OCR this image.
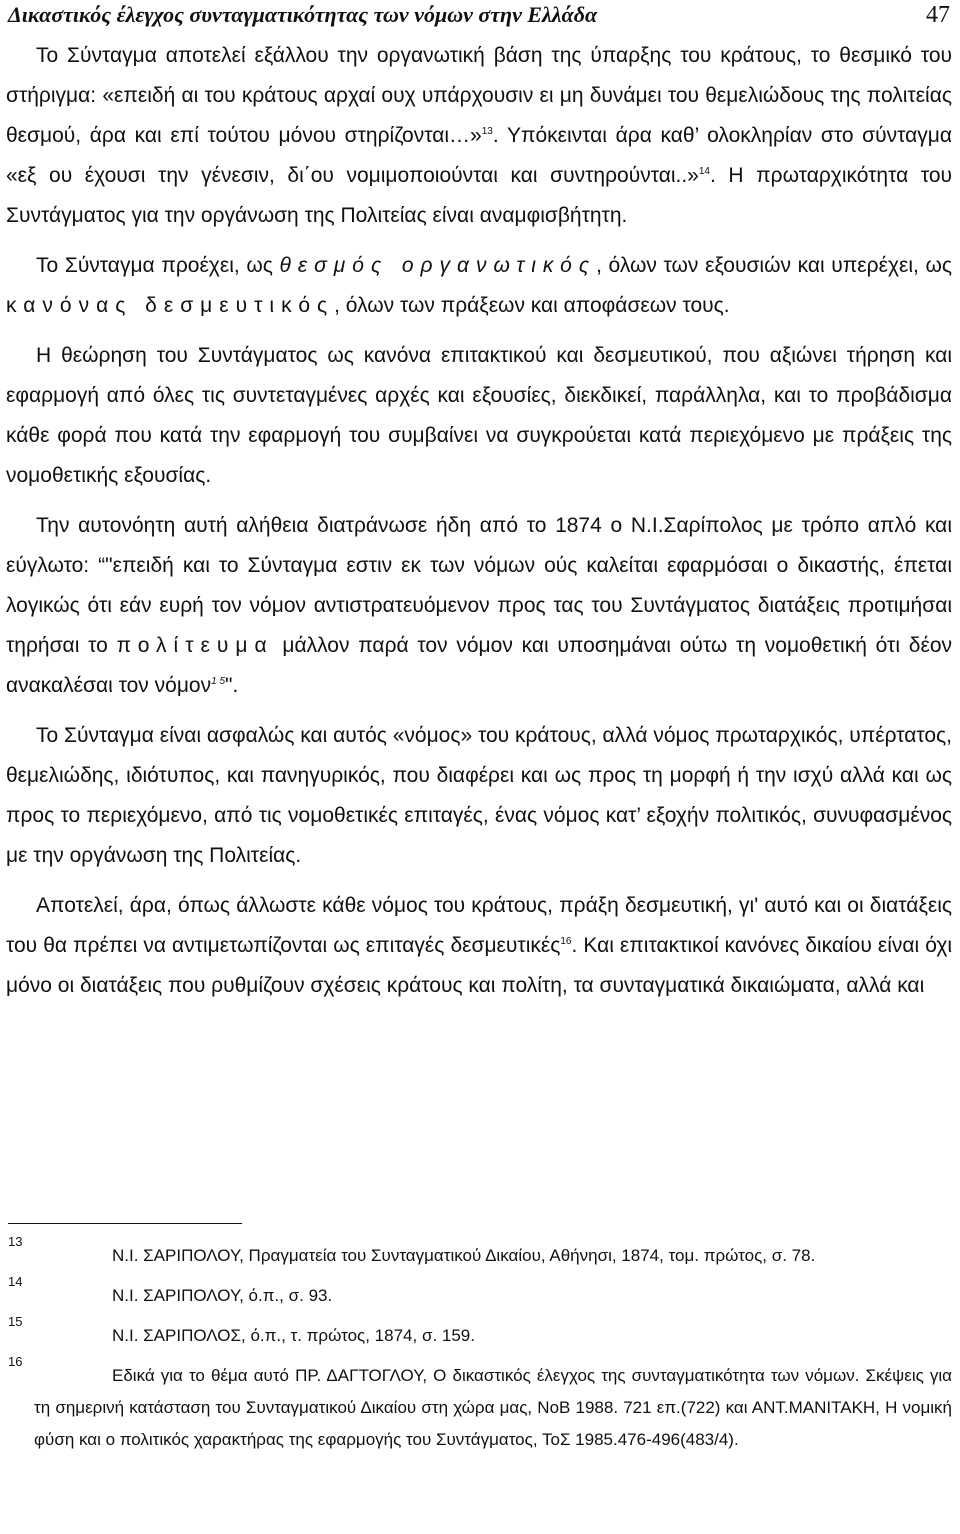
Δικαστικός έλεγχος συνταγματικότητας των νόμων στην Ελλάδα	47

Το Σύνταγμα αποτελεί εξάλλου την οργανωτική βάση της ύπαρξης του κράτους, το θεσμικό του στήριγμα: «επειδή αι του κράτους αρχαί ουχ υπάρχουσιν ει μη δυνάμει του θεμελιώδους της πολιτείας θεσμού, άρα και επί τούτου μόνου στηρίζονται…»$^{13}$. Υπόκεινται άρα καθ’ ολοκληρίαν στο σύνταγμα «εξ ου έχουσι την γένεσιν, δι΄ου νομιμοποιούνται και συντηρούνται..»$^{14}$. Η πρωταρχικότητα του Συντάγματος για την οργάνωση της Πολιτείας είναι αναμφισβήτητη.

Το Σύνταγμα προέχει, ως θεσμός οργανωτικός, όλων των εξουσιών και υπερέχει, ως κανόνας δεσμευτικός, όλων των πράξεων και αποφάσεων τους.

Η θεώρηση του Συντάγματος ως κανόνα επιτακτικού και δεσμευτικού, που αξιώνει τήρηση και εφαρμογή από όλες τις συντεταγμένες αρχές και εξουσίες, διεκδικεί, παράλληλα, και το προβάδισμα κάθε φορά που κατά την εφαρμογή του συμβαίνει να συγκρούεται κατά περιεχόμενο με πράξεις της νομοθετικής εξουσίας.

Την αυτονόητη αυτή αλήθεια διατράνωσε ήδη από το 1874 ο Ν.Ι.Σαρίπολος με τρόπο απλό και εύγλωτο: “"επειδή και το Σύνταγμα εστιν εκ των νόμων ούς καλείται εφαρμόσαι ο δικαστής, έπεται λογικώς ότι εάν ευρή τον νόμον αντιστρατευόμενον προς τας του Συντάγματος διατάξεις προτιμήσαι τηρήσαι το πολίτευμα μάλλον παρά τον νόμον και υποσημάναι ούτω τη νομοθετική ότι δέον ανακαλέσαι τον νόμον$^{1 5}$".

Το Σύνταγμα είναι ασφαλώς και αυτός «νόμος» του κράτους, αλλά νόμος πρωταρχικός, υπέρτατος, θεμελιώδης, ιδιότυπος, και πανηγυρικός, που διαφέρει και ως προς τη μορφή ή την ισχύ αλλά και ως προς το περιεχόμενο, από τις νομοθετικές επιταγές, ένας νόμος κατ’ εξοχήν πολιτικός, συνυφασμένος με την οργάνωση της Πολιτείας.

Αποτελεί, άρα, όπως άλλωστε κάθε νόμος του κράτους, πράξη δεσμευτική, γι' αυτό και οι διατάξεις του θα πρέπει να αντιμετωπίζονται ως επιταγές δεσμευτικές$^{16}$. Και επιτακτικοί κανόνες δικαίου είναι όχι μόνο οι διατάξεις που ρυθμίζουν σχέσεις κράτους και πολίτη, τα συνταγματικά δικαιώματα, αλλά και

13
Ν.Ι. ΣΑΡΙΠΟΛΟΥ, Πραγματεία του Συνταγματικού Δικαίου, Αθήνησι, 1874, τομ. πρώτος, σ. 78.
14
Ν.Ι. ΣΑΡΙΠΟΛΟΥ, ό.π., σ. 93.
15
Ν.Ι. ΣΑΡΙΠΟΛΟΣ, ό.π., τ. πρώτος, 1874, σ. 159.
16
Εδικά για το θέμα αυτό ΠΡ. ΔΑΓΤΟΓΛΟΥ, Ο δικαστικός έλεγχος της συνταγματικότητα των νόμων. Σκέψεις για τη σημερινή κατάσταση του Συνταγματικού Δικαίου στη χώρα μας, ΝοΒ 1988. 721 επ.(722) και ΑΝΤ.ΜΑΝΙΤΑΚΗ, Η νομική φύση και ο πολιτικός χαρακτήρας της εφαρμογής του Συντάγματος, ΤοΣ 1985.476-496(483/4).
